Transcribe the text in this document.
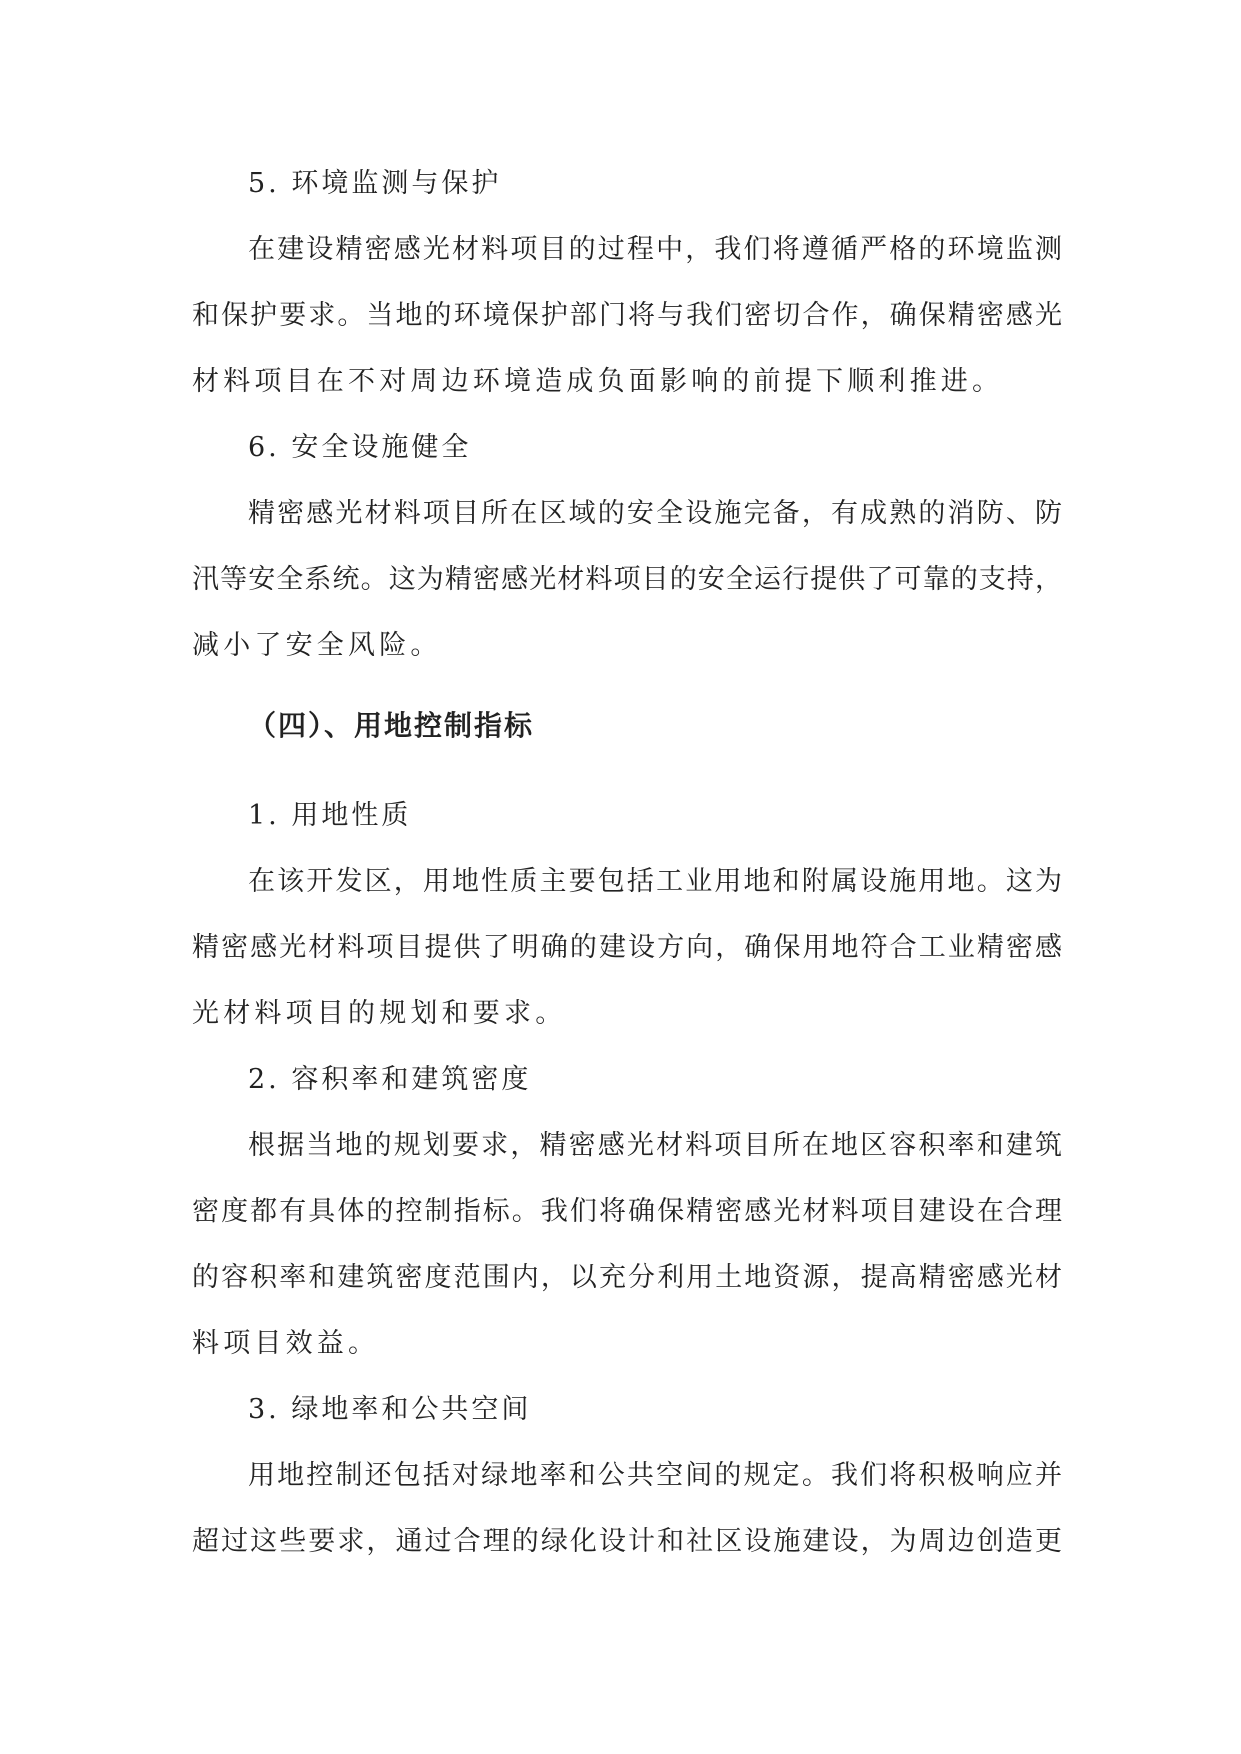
5. 环境监测与保护
在建设精密感光材料项目的过程中，我们将遵循严格的环境监测
和保护要求。当地的环境保护部门将与我们密切合作，确保精密感光
材料项目在不对周边环境造成负面影响的前提下顺利推进。
6. 安全设施健全
精密感光材料项目所在区域的安全设施完备，有成熟的消防、防
汛等安全系统。这为精密感光材料项目的安全运行提供了可靠的支持，
减小了安全风险。
（四）、用地控制指标
1. 用地性质
在该开发区，用地性质主要包括工业用地和附属设施用地。这为
精密感光材料项目提供了明确的建设方向，确保用地符合工业精密感
光材料项目的规划和要求。
2. 容积率和建筑密度
根据当地的规划要求，精密感光材料项目所在地区容积率和建筑
密度都有具体的控制指标。我们将确保精密感光材料项目建设在合理
的容积率和建筑密度范围内，以充分利用土地资源，提高精密感光材
料项目效益。
3. 绿地率和公共空间
用地控制还包括对绿地率和公共空间的规定。我们将积极响应并
超过这些要求，通过合理的绿化设计和社区设施建设，为周边创造更
